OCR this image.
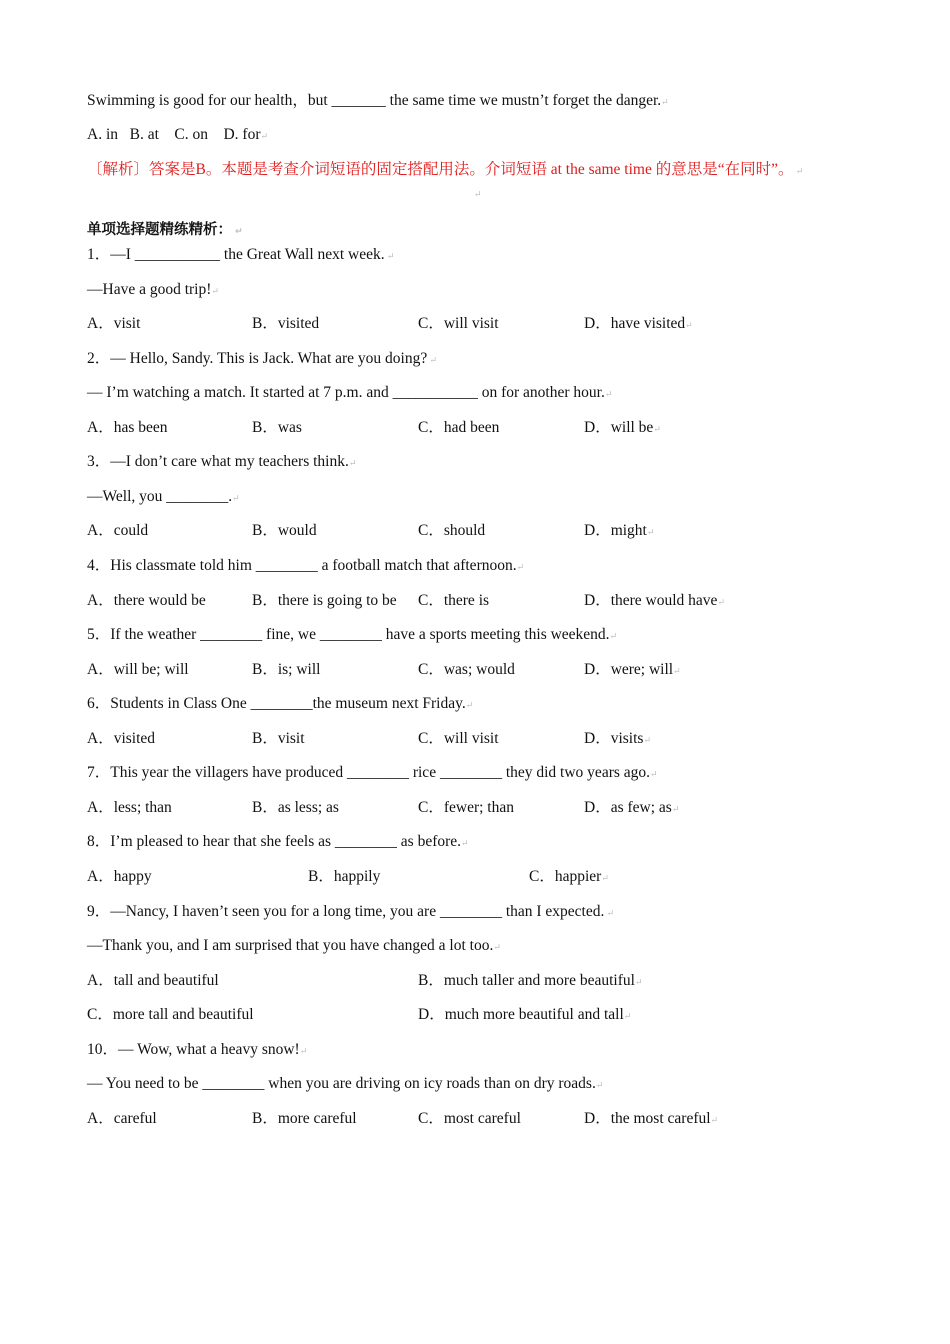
Swimming is good for our health，but _______ the same time we mustn’t forget the danger.↵
A. in   B. at    C. on    D. for↵
〔解析〕答案是B。本题是考查介词短语的固定搭配用法。介词短语 at the same time 的意思是“在同时”。 ↵
↵
单项选择题精练精析： ↵
1．—I ___________ the Great Wall next week. ↵
—Have a good trip!↵
A．visit	B．visited	C．will visit	D．have visited↵
2．— Hello, Sandy. This is Jack. What are you doing? ↵
— I’m watching a match. It started at 7 p.m. and ___________ on for another hour.↵
A．has been	B．was	C．had been	D．will be↵
3．—I don’t care what my teachers think.↵
—Well, you ________.↵
A．could	B．would	C．should	D．might↵
4．His classmate told him ________ a football match that afternoon.↵
A．there would be	B．there is going to be C．there is	D．there would have↵
5．If the weather ________ fine, we ________ have a sports meeting this weekend.↵
A．will be; will	B．is; will	C．was; would	D．were; will↵
6．Students in Class One ________the museum next Friday.↵
A．visited	B．visit	C．will visit	D．visits↵
7．This year the villagers have produced ________ rice ________ they did two years ago.↵
A．less; than	B．as less; as	C．fewer; than	D．as few; as↵
8．I’m pleased to hear that she feels as ________ as before.↵
A．happy	B．happily	C．happier↵
9．—Nancy, I haven’t seen you for a long time, you are ________ than I expected. ↵
—Thank you, and I am surprised that you have changed a lot too.↵
A．tall and beautiful	B．much taller and more beautiful↵
C．more tall and beautiful	D．much more beautiful and tall↵
10．— Wow, what a heavy snow!↵
— You need to be ________ when you are driving on icy roads than on dry roads.↵
A．careful	B．more careful	C．most careful	D．the most careful↵
